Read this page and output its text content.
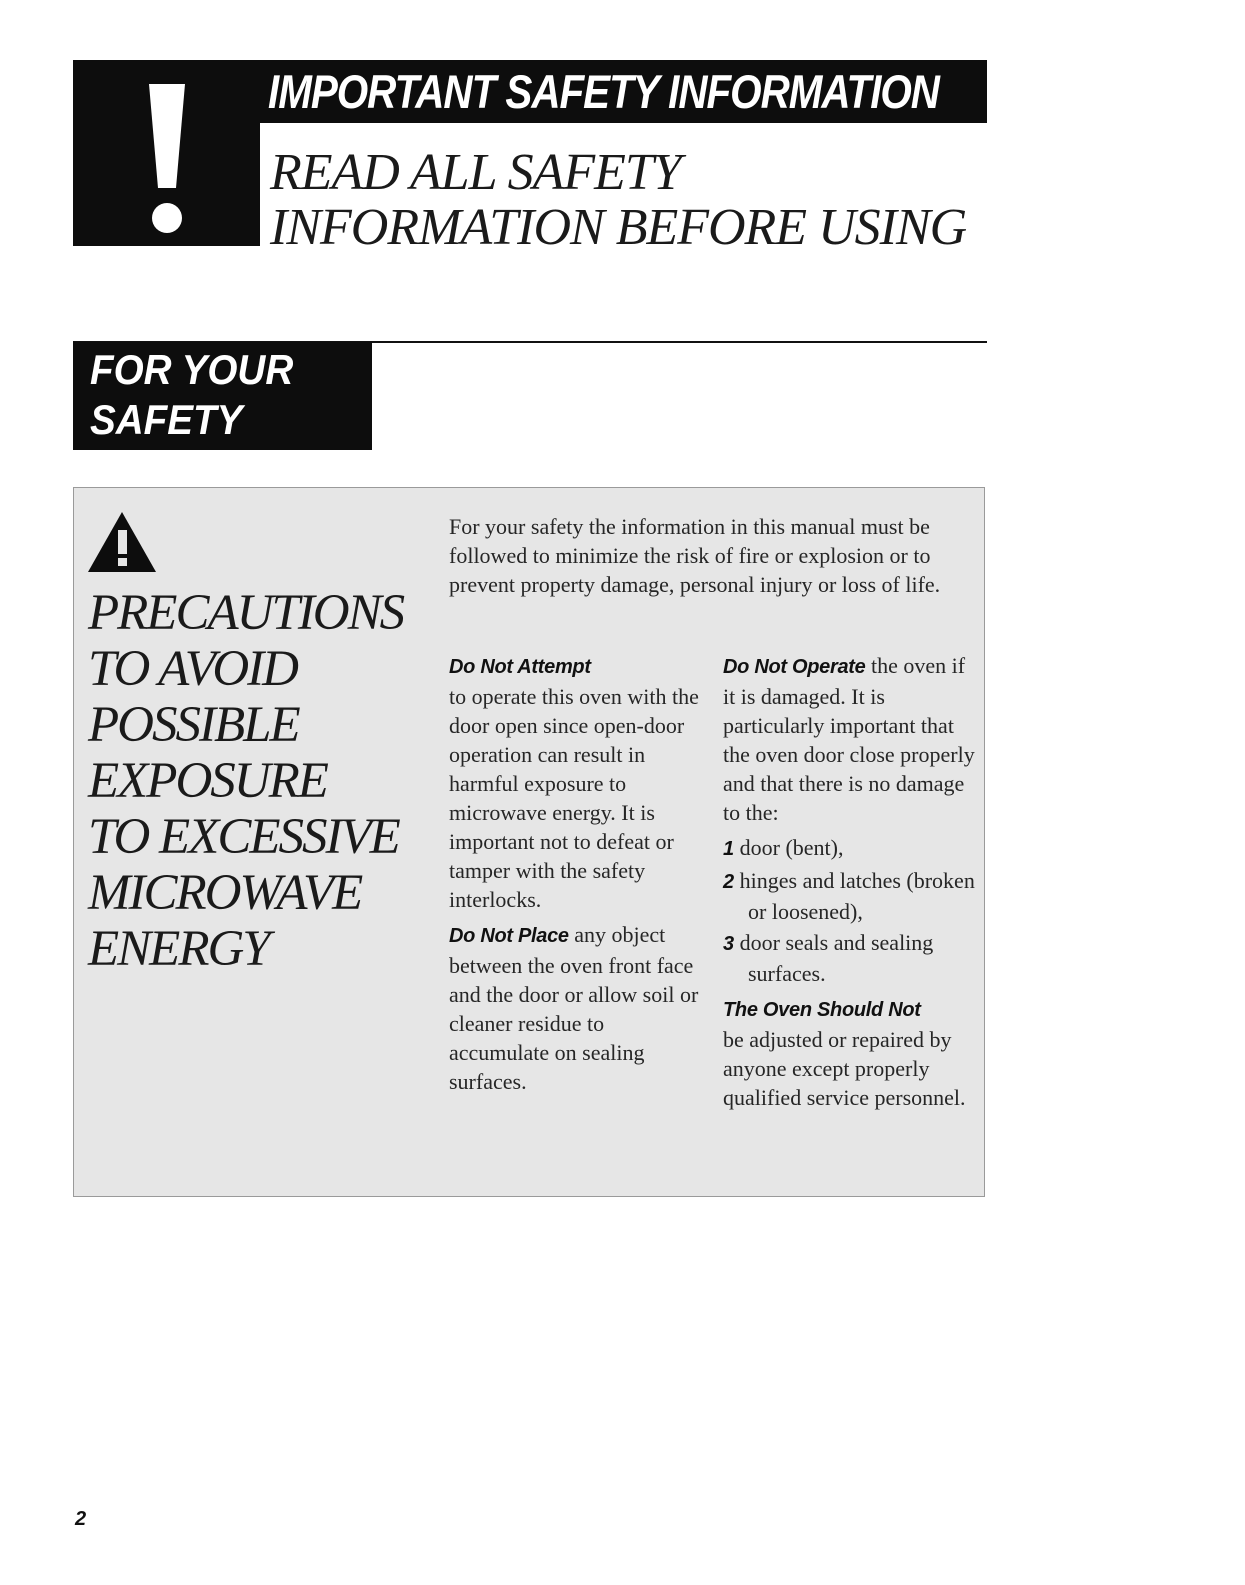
IMPORTANT SAFETY INFORMATION
READ ALL SAFETY
INFORMATION BEFORE USING
FOR YOUR
SAFETY
PRECAUTIONS
TO AVOID
POSSIBLE
EXPOSURE
TO EXCESSIVE
MICROWAVE
ENERGY
For your safety the information in this manual must be followed to minimize the risk of fire or explosion or to prevent property damage, personal injury or loss of life.

Do Not Attempt
to operate this oven with the door open since open-door operation can result in harmful exposure to microwave energy. It is important not to defeat or tamper with the safety interlocks.

Do Not Place any object between the oven front face and the door or allow soil or cleaner residue to accumulate on sealing surfaces.

Do Not Operate the oven if it is damaged. It is particularly important that the oven door close properly and that there is no damage to the:

1 door (bent),
2 hinges and latches (broken or loosened),
3 door seals and sealing surfaces.

The Oven Should Not
be adjusted or repaired by anyone except properly qualified service personnel.

2
